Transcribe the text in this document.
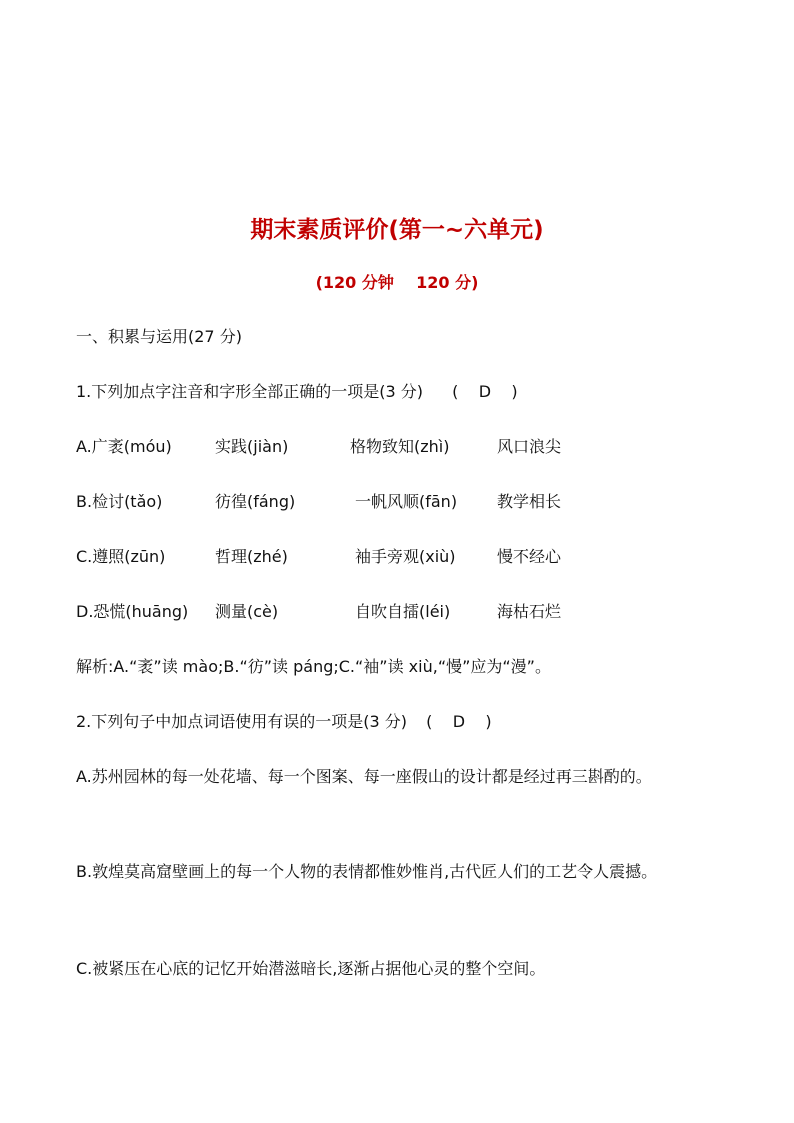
期末素质评价(第一~六单元)
(120 分钟    120 分)
一、积累与运用(27 分)
1.下列加点字注音和字形全部正确的一项是(3 分) (    D    )
A.广袤(móu)	实践(jiàn)	格物致知(zhì)	风口浪尖
B.检讨(tǎo)	彷徨(fáng)	一帆风顺(fān) 教学相长
C.遵照(zūn)	哲理(zhé)	袖手旁观(xiù)	慢不经心
D.恐慌(huāng) 测量(cè)	自吹自擂(léi)	海枯石烂
解析:A.“袤”读 mào;B.“彷”读 páng;C.“袖”读 xiù,“慢”应为“漫”。
2.下列句子中加点词语使用有误的一项是(3 分) (    D    )

A.苏州园林的每一处花墙、每一个图案、每一座假山的设计都是经过再三斟酌的。

B.敦煌莫高窟壁画上的每一个人物的表情都惟妙惟肖,古代匠人们的工艺令人震撼。

C.被紧压在心底的记忆开始潜滋暗长,逐渐占据他心灵的整个空间。
